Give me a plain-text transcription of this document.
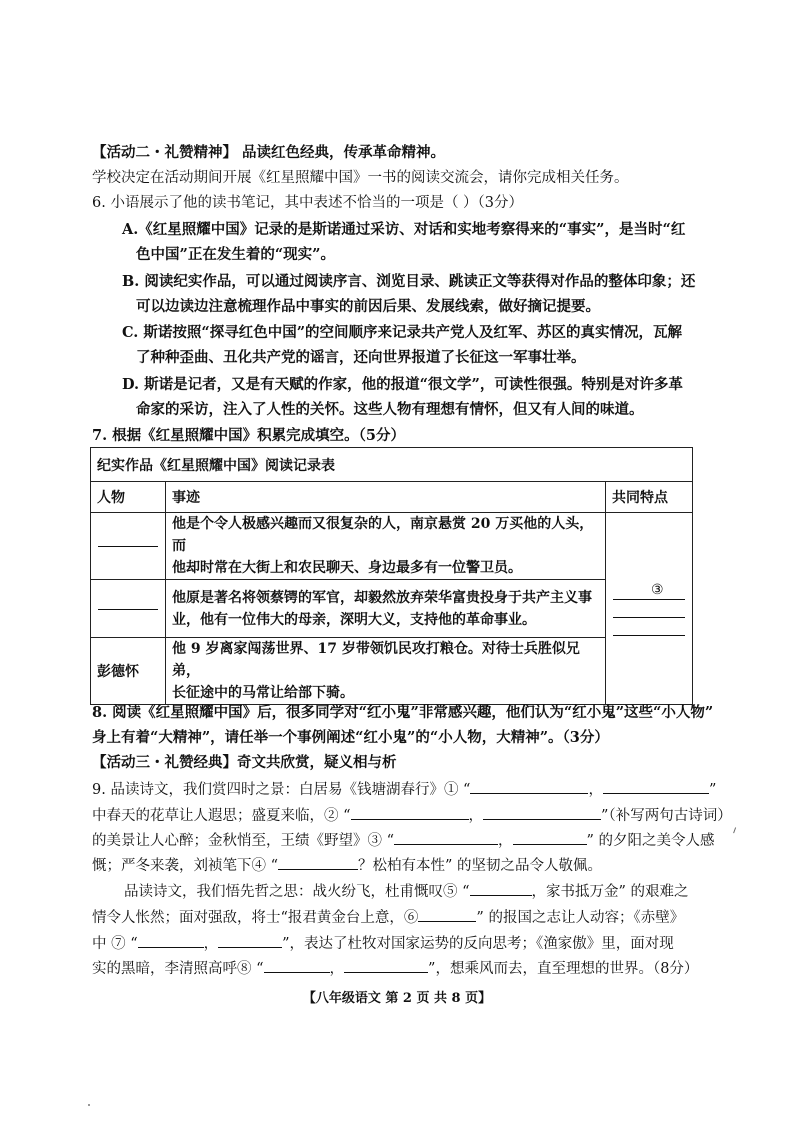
【活动二・礼赞精神】 品读红色经典，传承革命精神。
学校决定在活动期间开展《红星照耀中国》一书的阅读交流会，请你完成相关任务。
6. 小语展示了他的读书笔记，其中表述不恰当的一项是（ ）（3分）
A.《红星照耀中国》记录的是斯诺通过采访、对话和实地考察得来的“事实”，是当时“红
色中国”正在发生着的“现实”。
B. 阅读纪实作品，可以通过阅读序言、浏览目录、跳读正文等获得对作品的整体印象；还
可以边读边注意梳理作品中事实的前因后果、发展线索，做好摘记提要。
C. 斯诺按照“探寻红色中国”的空间顺序来记录共产党人及红军、苏区的真实情况，瓦解
了种种歪曲、丑化共产党的谣言，还向世界报道了长征这一军事壮举。
D. 斯诺是记者，又是有天赋的作家，他的报道“很文学”，可读性很强。特别是对许多革
命家的采访，注入了人性的关怀。这些人物有理想有情怀，但又有人间的味道。
7. 根据《红星照耀中国》积累完成填空。（5分）
纪实作品《红星照耀中国》阅读记录表		
人物	事迹	共同特点

	他是个令人极感兴趣而又很复杂的人，南京悬赏 20 万买他的人头，而
他却时常在大街上和农民聊天、身边最多有一位警卫员。	③

	他原是著名将领蔡锷的军官，却毅然放弃荣华富贵投身于共产主义事
业，他有一位伟大的母亲，深明大义，支持他的革命事业。	
彭德怀	他 9 岁离家闯荡世界、17 岁带领饥民攻打粮仓。对待士兵胜似兄弟，
长征途中的马常让给部下骑。	
8. 阅读《红星照耀中国》后，很多同学对“红小鬼”非常感兴趣，他们认为“红小鬼”这些“小人物”
身上有着“大精神”，请任举一个事例阐述“红小鬼”的“小人物，大精神”。（3分）
【活动三・礼赞经典】奇文共欣赏，疑义相与析
9. 品读诗文，我们赏四时之景：白居易《钱塘湖春行》① “	，	”
中春天的花草让人遐思；盛夏来临，② “	，	”（补写两句古诗词）
的美景让人心醉；金秋悄至，王绩《野望》③ “	，	” 的夕阳之美令人感
慨；严冬来袭，刘祯笔下④ “	？松柏有本性” 的坚韧之品令人敬佩。
品读诗文，我们悟先哲之思：战火纷飞，杜甫慨叹⑤ “	，家书抵万金” 的艰难之
情令人怅然；面对强敌，将士“报君黄金台上意，⑥	” 的报国之志让人动容；《赤壁》
中 ⑦ “	，	”，表达了杜牧对国家运势的反向思考；《渔家傲》里，面对现
实的黑暗，李清照高呼⑧ “	，	”，想乘风而去，直至理想的世界。（8分）
【八年级语文 第 2 页 共 8 页】
